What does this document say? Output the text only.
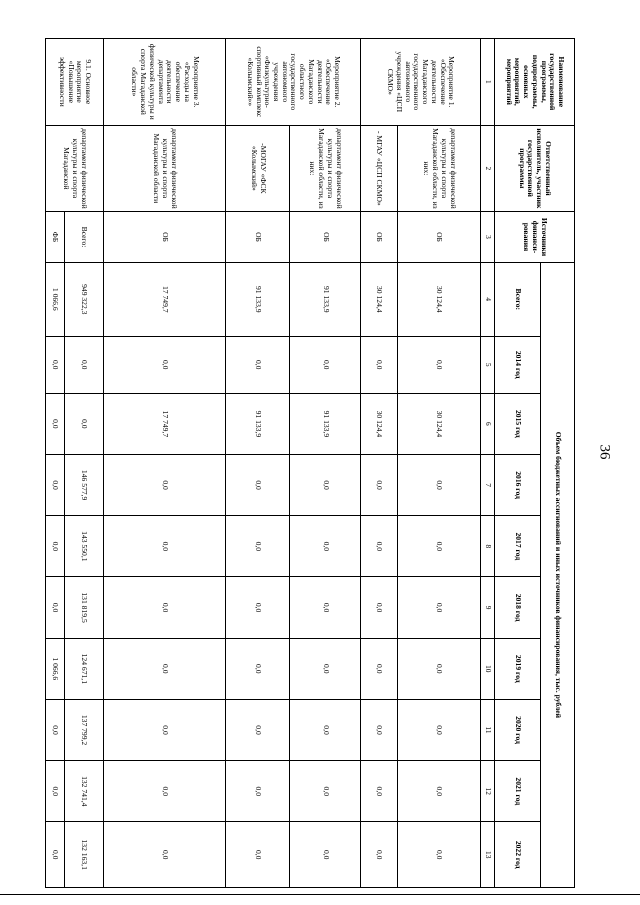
36
Наименование государственной программы, подпрограммы, основных мероприятий, мероприятий	Ответственный исполнитель, участник государственной программы	Источники финанси-рования	Объем бюджетных ассигнований и иных источников финансирования, тыс. рублей									
			Всего:	2014 год	2015 год	2016 год	2017 год	2018 год	2019 год	2020 год	2021 год	2022 год
1	2	3	4	5	6	7	8	9	10	11	12	13
Мероприятие 1. «Обеспечение деятельности Магаданского государственного автономного учреждения «ЦСП СКМО»	департамент физической культуры и спорта Магаданской области, из них:	ОБ	30 124,4	0,0	30 124,4	0,0	0,0	0,0	0,0	0,0	0,0	0,0
	- МГАУ «ЦСП СКМО»	ОБ	30 124,4	0,0	30 124,4	0,0	0,0	0,0	0,0	0,0	0,0	0,0
Мероприятие 2. «Обеспечение деятельности Магаданского областного государственного автономного учреждения «Физкультурно-спортивный комплекс «Колымский»»	департамент физической культуры и спорта Магаданской области, из них:	ОБ	91 133,9	0,0	91 133,9	0,0	0,0	0,0	0,0	0,0	0,0	0,0
	-МОГАУ «ФСК «Колымский»	ОБ	91 133,9	0,0	91 133,9	0,0	0,0	0,0	0,0	0,0	0,0	0,0
Мероприятие 3. «Расходы на обеспечение деятельности департамента физической культуры и спорта Магаданской области»	департамент физической культуры и спорта Магаданской области	ОБ	17 749,7	0,0	17 749,7	0,0	0,0	0,0	0,0	0,0	0,0	0,0
9.1. Основное мероприятие «Повышение эффективности	департамент физической культуры и спорта Магаданской	Всего:	949 322,3	0,0	0,0	146 577,9	143 550,1	131 819,5	124 671,1	137 799,2	132 741,4	132 163,1
		ФБ	1 066,6	0,0	0,0	0,0	0,0	0,0	1 066,6	0,0	0,0	0,0
